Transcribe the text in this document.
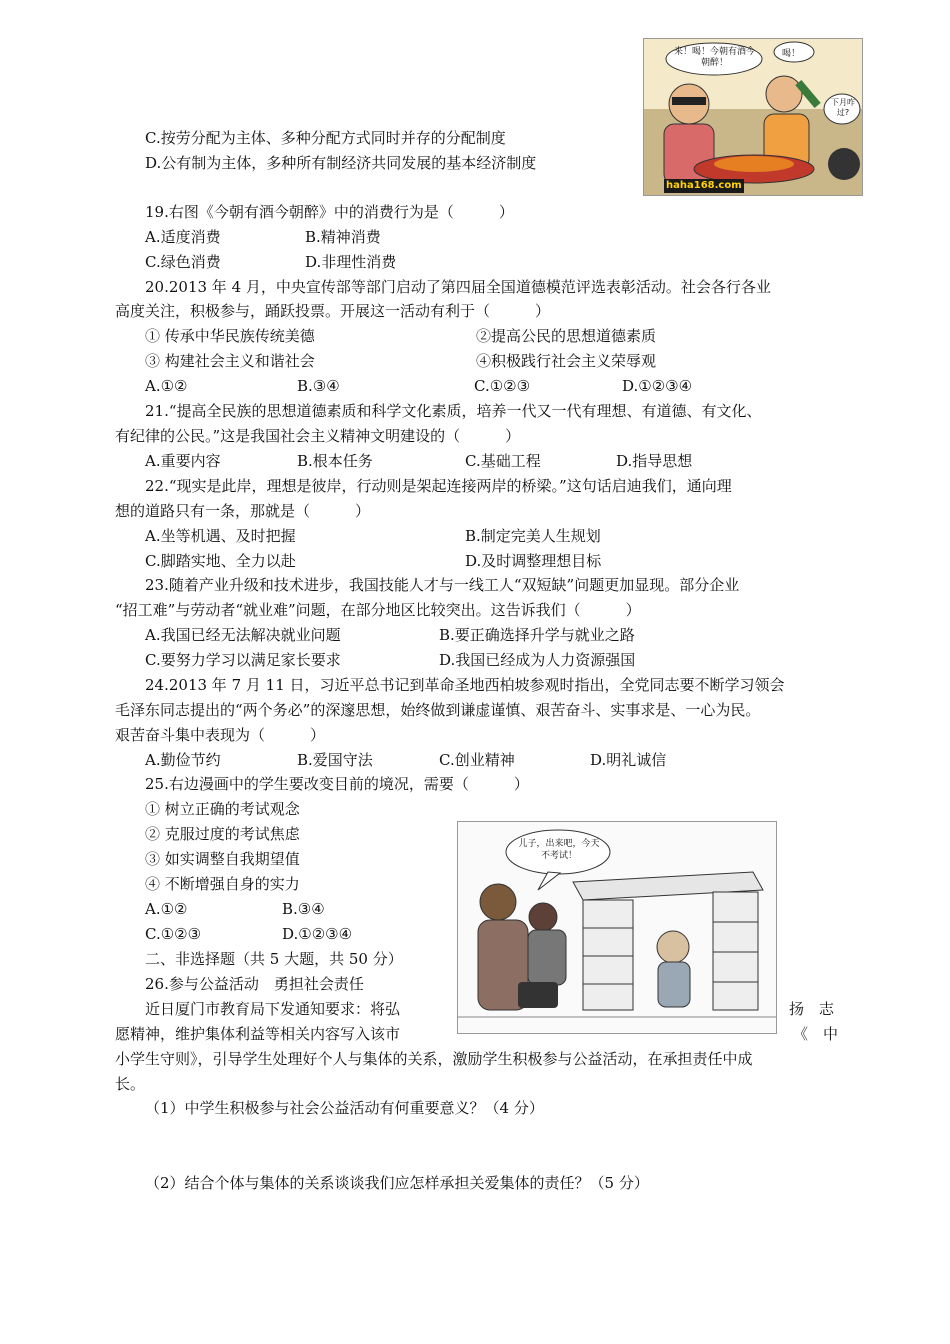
C.按劳分配为主体、多种分配方式同时并存的分配制度
D.公有制为主体，多种所有制经济共同发展的基本经济制度
来！喝！今朝有酒今朝醉！
喝！
下月咋过?
haha168.com
19.右图《今朝有酒今朝醉》中的消费行为是（　　　）
A.适度消费	B.精神消费
C.绿色消费	D.非理性消费
20.2013 年 4 月，中央宣传部等部门启动了第四届全国道德模范评选表彰活动。社会各行各业
高度关注，积极参与，踊跃投票。开展这一活动有利于（　　　）
① 传承中华民族传统美德	②提高公民的思想道德素质
③ 构建社会主义和谐社会	④积极践行社会主义荣辱观
A.①②	B.③④	C.①②③	D.①②③④
21.“提高全民族的思想道德素质和科学文化素质，培养一代又一代有理想、有道德、有文化、
有纪律的公民。”这是我国社会主义精神文明建设的（　　　）
A.重要内容	B.根本任务	C.基础工程	D.指导思想
22.“现实是此岸，理想是彼岸，行动则是架起连接两岸的桥梁。”这句话启迪我们，通向理
想的道路只有一条，那就是（　　　）
A.坐等机遇、及时把握	B.制定完美人生规划
C.脚踏实地、全力以赴	D.及时调整理想目标
23.随着产业升级和技术进步，我国技能人才与一线工人“双短缺”问题更加显现。部分企业
“招工难”与劳动者“就业难”问题，在部分地区比较突出。这告诉我们（　　　）
A.我国已经无法解决就业问题	B.要正确选择升学与就业之路
C.要努力学习以满足家长要求	D.我国已经成为人力资源强国
24.2013 年 7 月 11 日，习近平总书记到革命圣地西柏坡参观时指出，全党同志要不断学习领会
毛泽东同志提出的“两个务必”的深邃思想，始终做到谦虚谨慎、艰苦奋斗、实事求是、一心为民。
艰苦奋斗集中表现为（　　　）
A.勤俭节约	B.爱国守法	C.创业精神	D.明礼诚信
25.右边漫画中的学生要改变目前的境况，需要（　　　）
① 树立正确的考试观念
② 克服过度的考试焦虑
③ 如实调整自我期望值
④ 不断增强自身的实力
A.①②	B.③④
C.①②③	D.①②③④
儿子，出来吧，今天不考试！
二、非选择题（共 5 大题，共 50 分）
26.参与公益活动　勇担社会责任
近日厦门市教育局下发通知要求：将弘	扬　志
愿精神，维护集体利益等相关内容写入该市	《　中
小学生守则》，引导学生处理好个人与集体的关系，激励学生积极参与公益活动，在承担责任中成
长。
（1）中学生积极参与社会公益活动有何重要意义？（4 分）
（2）结合个体与集体的关系谈谈我们应怎样承担关爱集体的责任？（5 分）
